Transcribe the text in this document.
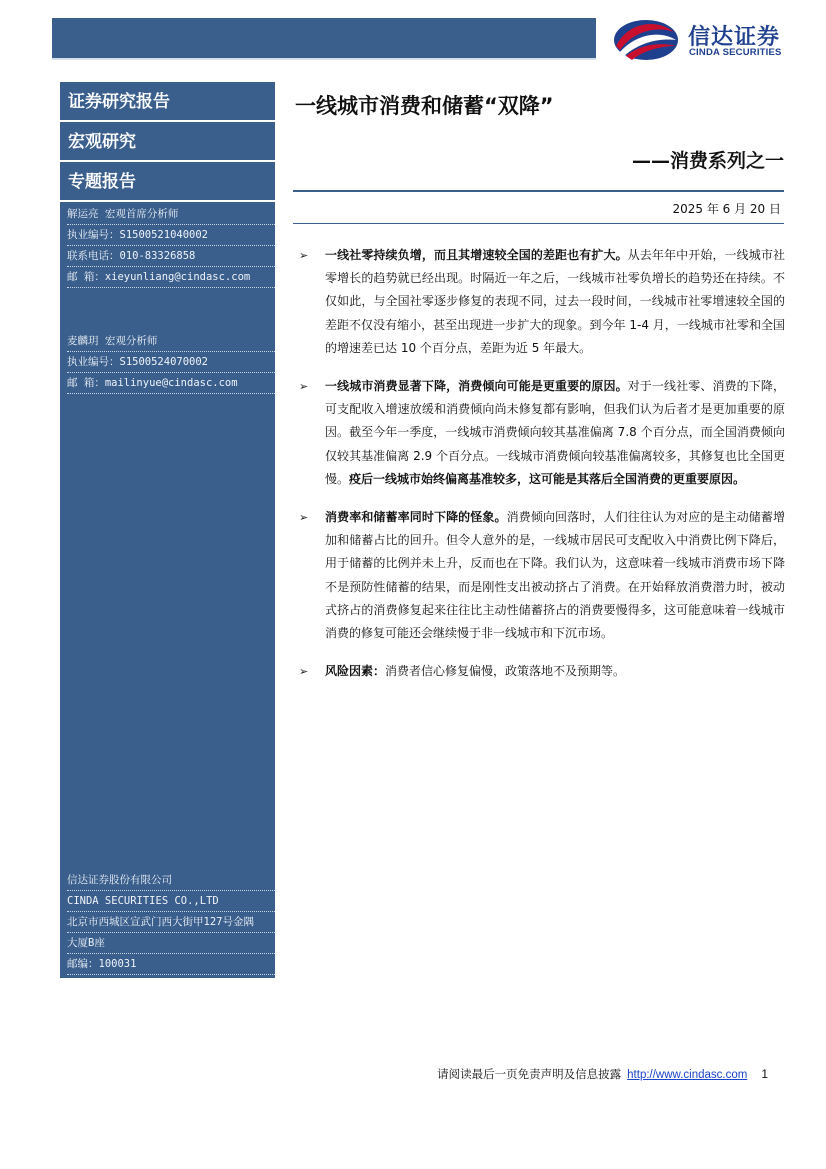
信达证券
CINDA SECURITIES
证券研究报告
宏观研究
专题报告
解运亮 宏观首席分析师
执业编号：S1500521040002
联系电话：010-83326858
邮 箱：xieyunliang@cindasc.com
麦麟玥 宏观分析师
执业编号：S1500524070002
邮 箱：mailinyue@cindasc.com
信达证券股份有限公司
CINDA SECURITIES CO.,LTD
北京市西城区宣武门西大街甲127号金隅
大厦B座
邮编：100031
一线城市消费和储蓄“双降”
——消费系列之一
2025 年 6 月 20 日
➢ 一线社零持续负增，而且其增速较全国的差距也有扩大。从去年年中开始，一线城市社零增长的趋势就已经出现。时隔近一年之后，一线城市社零负增长的趋势还在持续。不仅如此，与全国社零逐步修复的表现不同，过去一段时间，一线城市社零增速较全国的差距不仅没有缩小，甚至出现进一步扩大的现象。到今年 1-4 月，一线城市社零和全国的增速差已达 10 个百分点，差距为近 5 年最大。
➢ 一线城市消费显著下降，消费倾向可能是更重要的原因。对于一线社零、消费的下降，可支配收入增速放缓和消费倾向尚未修复都有影响，但我们认为后者才是更加重要的原因。截至今年一季度，一线城市消费倾向较其基准偏离 7.8 个百分点，而全国消费倾向仅较其基准偏离 2.9 个百分点。一线城市消费倾向较基准偏离较多，其修复也比全国更慢。疫后一线城市始终偏离基准较多，这可能是其落后全国消费的更重要原因。
➢ 消费率和储蓄率同时下降的怪象。消费倾向回落时，人们往往认为对应的是主动储蓄增加和储蓄占比的回升。但令人意外的是，一线城市居民可支配收入中消费比例下降后，用于储蓄的比例并未上升，反而也在下降。我们认为，这意味着一线城市消费市场下降不是预防性储蓄的结果，而是刚性支出被动挤占了消费。在开始释放消费潜力时，被动式挤占的消费修复起来往往比主动性储蓄挤占的消费要慢得多，这可能意味着一线城市消费的修复可能还会继续慢于非一线城市和下沉市场。
➢ 风险因素：消费者信心修复偏慢，政策落地不及预期等。
请阅读最后一页免责声明及信息披露 http://www.cindasc.com 1
